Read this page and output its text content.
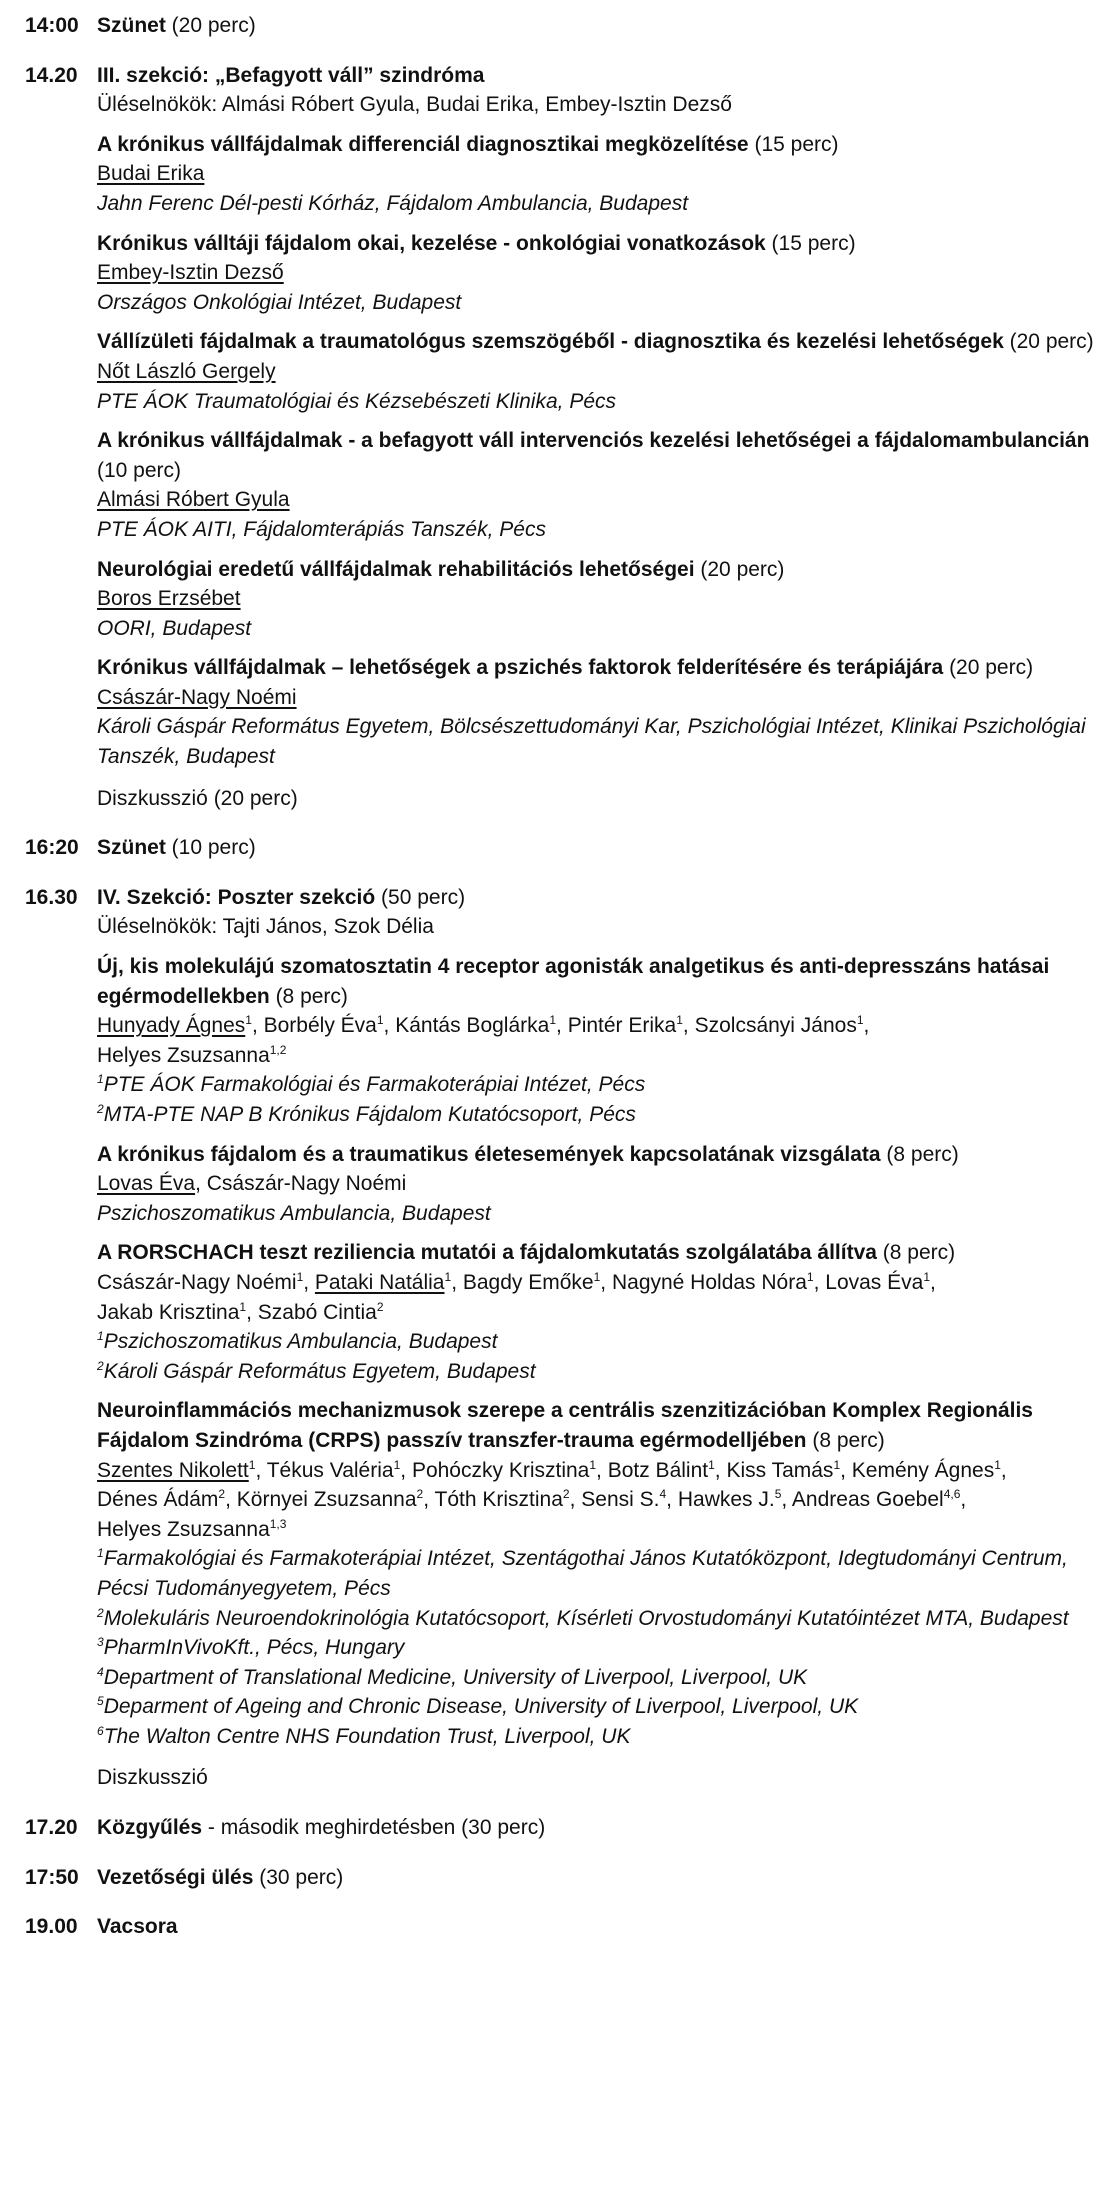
14:00 Szünet (20 perc)
14.20 III. szekció: „Befagyott váll” szindróma
Üléselnökök: Almási Róbert Gyula, Budai Erika, Embey-Isztin Dezső
A krónikus vállfájdalmak differenciál diagnosztikai megközelítése (15 perc)
Budai Erika
Jahn Ferenc Dél-pesti Kórház, Fájdalom Ambulancia, Budapest
Krónikus válltáji fájdalom okai, kezelése - onkológiai vonatkozások (15 perc)
Embey-Isztin Dezső
Országos Onkológiai Intézet, Budapest
Vállízületi fájdalmak a traumatológus szemszögéből - diagnosztika és kezelési lehetőségek (20 perc)
Nőt László Gergely
PTE ÁOK Traumatológiai és Kézsebészeti Klinika, Pécs
A krónikus vállfájdalmak - a befagyott váll intervenciós kezelési lehetőségei a fájdalomambulancián (10 perc)
Almási Róbert Gyula
PTE ÁOK AITI, Fájdalomterápiás Tanszék, Pécs
Neurológiai eredetű vállfájdalmak rehabilitációs lehetőségei (20 perc)
Boros Erzsébet
OORI, Budapest
Krónikus vállfájdalmak – lehetőségek a pszichés faktorok felderítésére és terápiájára (20 perc)
Császár-Nagy Noémi
Károli Gáspár Református Egyetem, Bölcsészettudományi Kar, Pszichológiai Intézet, Klinikai Pszichológiai Tanszék, Budapest
Diszkusszió (20 perc)
16:20 Szünet (10 perc)
16.30 IV. Szekció: Poszter szekció (50 perc)
Üléselnökök: Tajti János, Szok Délia
Új, kis molekulájú szomatosztatin 4 receptor agonisták analgetikus és anti-depresszáns hatásai egérmodellekben (8 perc)
Hunyady Ágnes$^1$, Borbély Éva$^1$, Kántás Boglárka$^1$, Pintér Erika$^1$, Szolcsányi János$^1$,
Helyes Zsuzsanna$^{1,2}$
$^1$PTE ÁOK Farmakológiai és Farmakoterápiai Intézet, Pécs
$^2$MTA-PTE NAP B Krónikus Fájdalom Kutatócsoport, Pécs
A krónikus fájdalom és a traumatikus életesemények kapcsolatának vizsgálata (8 perc)
Lovas Éva, Császár-Nagy Noémi
Pszichoszomatikus Ambulancia, Budapest
A RORSCHACH teszt reziliencia mutatói a fájdalomkutatás szolgálatába állítva (8 perc)
Császár-Nagy Noémi$^1$, Pataki Natália$^1$, Bagdy Emőke$^1$, Nagyné Holdas Nóra$^1$, Lovas Éva$^1$,
Jakab Krisztina$^1$, Szabó Cintia$^2$
$^1$Pszichoszomatikus Ambulancia, Budapest
$^2$Károli Gáspár Református Egyetem, Budapest
Neuroinflammációs mechanizmusok szerepe a centrális szenzitizációban Komplex Regionális Fájdalom Szindróma (CRPS) passzív transzfer-trauma egérmodelljében (8 perc)
Szentes Nikolett$^1$, Tékus Valéria$^1$, Pohóczky Krisztina$^1$, Botz Bálint$^1$, Kiss Tamás$^1$, Kemény Ágnes$^1$,
Dénes Ádám$^2$, Környei Zsuzsanna$^2$, Tóth Krisztina$^2$, Sensi S.$^4$, Hawkes J.$^5$, Andreas Goebel$^{4,6}$,
Helyes Zsuzsanna$^{1,3}$
$^1$Farmakológiai és Farmakoterápiai Intézet, Szentágothai János Kutatóközpont, Idegtudományi Centrum, Pécsi Tudományegyetem, Pécs
$^2$Molekuláris Neuroendokrinológia Kutatócsoport, Kísérleti Orvostudományi Kutatóintézet MTA, Budapest
$^3$PharmInVivoKft., Pécs, Hungary
$^4$Department of Translational Medicine, University of Liverpool, Liverpool, UK
$^5$Deparment of Ageing and Chronic Disease, University of Liverpool, Liverpool, UK
$^6$The Walton Centre NHS Foundation Trust, Liverpool, UK
Diszkusszió
17.20 Közgyűlés - második meghirdetésben (30 perc)
17:50 Vezetőségi ülés (30 perc)
19.00 Vacsora
